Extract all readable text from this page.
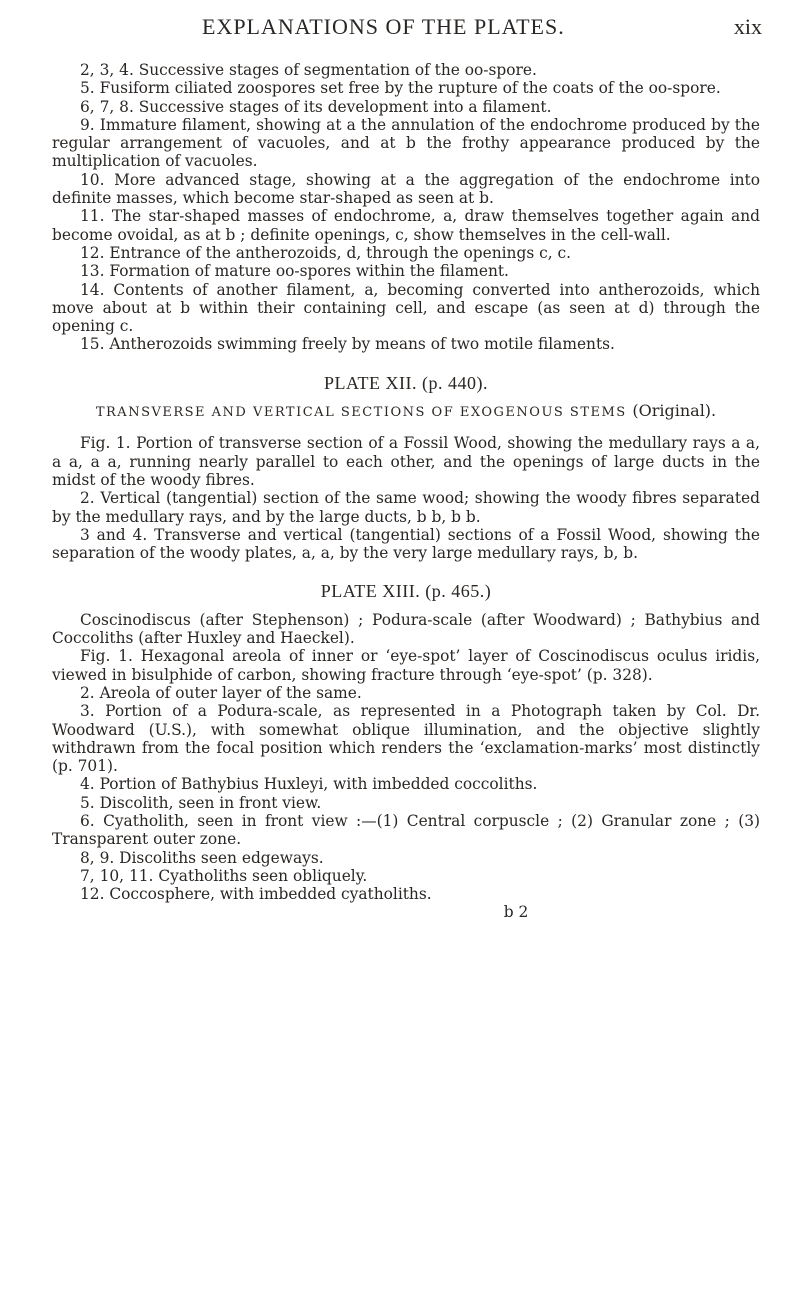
EXPLANATIONS OF THE PLATES.	xix

2, 3, 4. Successive stages of segmentation of the oo-spore.

5. Fusiform ciliated zoospores set free by the rupture of the coats of the oo-spore.

6, 7, 8. Successive stages of its development into a filament.

9. Immature filament, showing at a the annulation of the endochrome produced by the regular arrangement of vacuoles, and at b the frothy appearance produced by the multiplication of vacuoles.

10. More advanced stage, showing at a the aggregation of the endochrome into definite masses, which become star-shaped as seen at b.

11. The star-shaped masses of endochrome, a, draw themselves together again and become ovoidal, as at b ; definite openings, c, show themselves in the cell-wall.

12. Entrance of the antherozoids, d, through the openings c, c.

13. Formation of mature oo-spores within the filament.

14. Contents of another filament, a, becoming converted into antherozoids, which move about at b within their containing cell, and escape (as seen at d) through the opening c.

15. Antherozoids swimming freely by means of two motile filaments.

PLATE XII. (p. 440).
TRANSVERSE AND VERTICAL SECTIONS OF EXOGENOUS STEMS (Original).

Fig. 1. Portion of transverse section of a Fossil Wood, showing the medullary rays a a, a a, a a, running nearly parallel to each other, and the openings of large ducts in the midst of the woody fibres.

2. Vertical (tangential) section of the same wood; showing the woody fibres separated by the medullary rays, and by the large ducts, b b, b b.

3 and 4. Transverse and vertical (tangential) sections of a Fossil Wood, showing the separation of the woody plates, a, a, by the very large medullary rays, b, b.

PLATE XIII. (p. 465.)

Coscinodiscus (after Stephenson) ; Podura-scale (after Woodward) ; Bathybius and Coccoliths (after Huxley and Haeckel).

Fig. 1. Hexagonal areola of inner or ‘eye-spot’ layer of Coscinodiscus oculus iridis, viewed in bisulphide of carbon, showing fracture through ‘eye-spot’ (p. 328).

2. Areola of outer layer of the same.

3. Portion of a Podura-scale, as represented in a Photograph taken by Col. Dr. Woodward (U.S.), with somewhat oblique illumination, and the objective slightly withdrawn from the focal position which renders the ‘exclamation-marks’ most distinctly (p. 701).

4. Portion of Bathybius Huxleyi, with imbedded coccoliths.

5. Discolith, seen in front view.

6. Cyatholith, seen in front view :—(1) Central corpuscle ; (2) Granular zone ; (3) Transparent outer zone.

8, 9. Discoliths seen edgeways.

7, 10, 11. Cyatholiths seen obliquely.

12. Coccosphere, with imbedded cyatholiths.

b 2
